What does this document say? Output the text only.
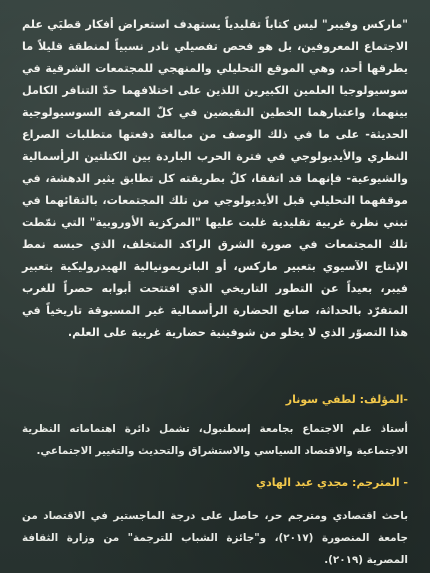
"ماركس وفيبر" ليس كتاباً تقليدياً يستهدف استعراض أفكار قطبَي علم الاجتماع المعروفين، بل هو فحص تفصيلي نادر نسبياً لمنطقة قليلاً ما يطرقها أحد، وهي الموقع التحليلي والمنهجي للمجتمعات الشرقية في سوسيولوجيا العلمين الكبيرين اللذين على اختلافهما حدّ التنافر الكامل بينهما، واعتبارهما الخطين النقيضين في كلّ المعرفة السوسيولوجية الحديثة- على ما في ذلك الوصف من مبالغة دفعتها متطلبات الصراع النظري والأيديولوجي في فترة الحرب الباردة بين الكتلتين الرأسمالية والشيوعية- فإنهما قد اتفقا، كلٌ بطريقته كل تطابق يثير الدهشة، في موقفهما التحليلي قبل الأيديولوجي من تلك المجتمعات، بالتقائهما في تبني نظرة غربية تقليدية غلبت عليها "المركزية الأوروبية" التي نمّطت تلك المجتمعات في صورة الشرق الراكد المتخلف، الذي حبسه نمط الإنتاج الآسيوي بتعبير ماركس، أو الباتريمونيالية الهيدروليكية بتعبير فيبر، بعيداً عن التطور التاريخي الذي افتتحت أبوابه حصراً للغرب المتفرّد بالحداثة، صانع الحضارة الرأسمالية غير المسبوقة تاريخياً في هذا التصوّر الذي لا يخلو من شوفينية حضارية غربية على العلم.

-المؤلف: لطفي سونار

أستاذ علم الاجتماع بجامعة إسطنبول، تشمل دائرة اهتماماته النظرية الاجتماعية والاقتصاد السياسي والاستشراق والتحديث والتغيير الاجتماعي.

- المترجم: مجدي عبد الهادي

باحث اقتصادي ومترجم حر، حاصل على درجة الماجستير في الاقتصاد من جامعة المنصورة (٢٠١٧)، و"جائزة الشباب للترجمة" من وزارة الثقافة المصرية (٢٠١٩).
